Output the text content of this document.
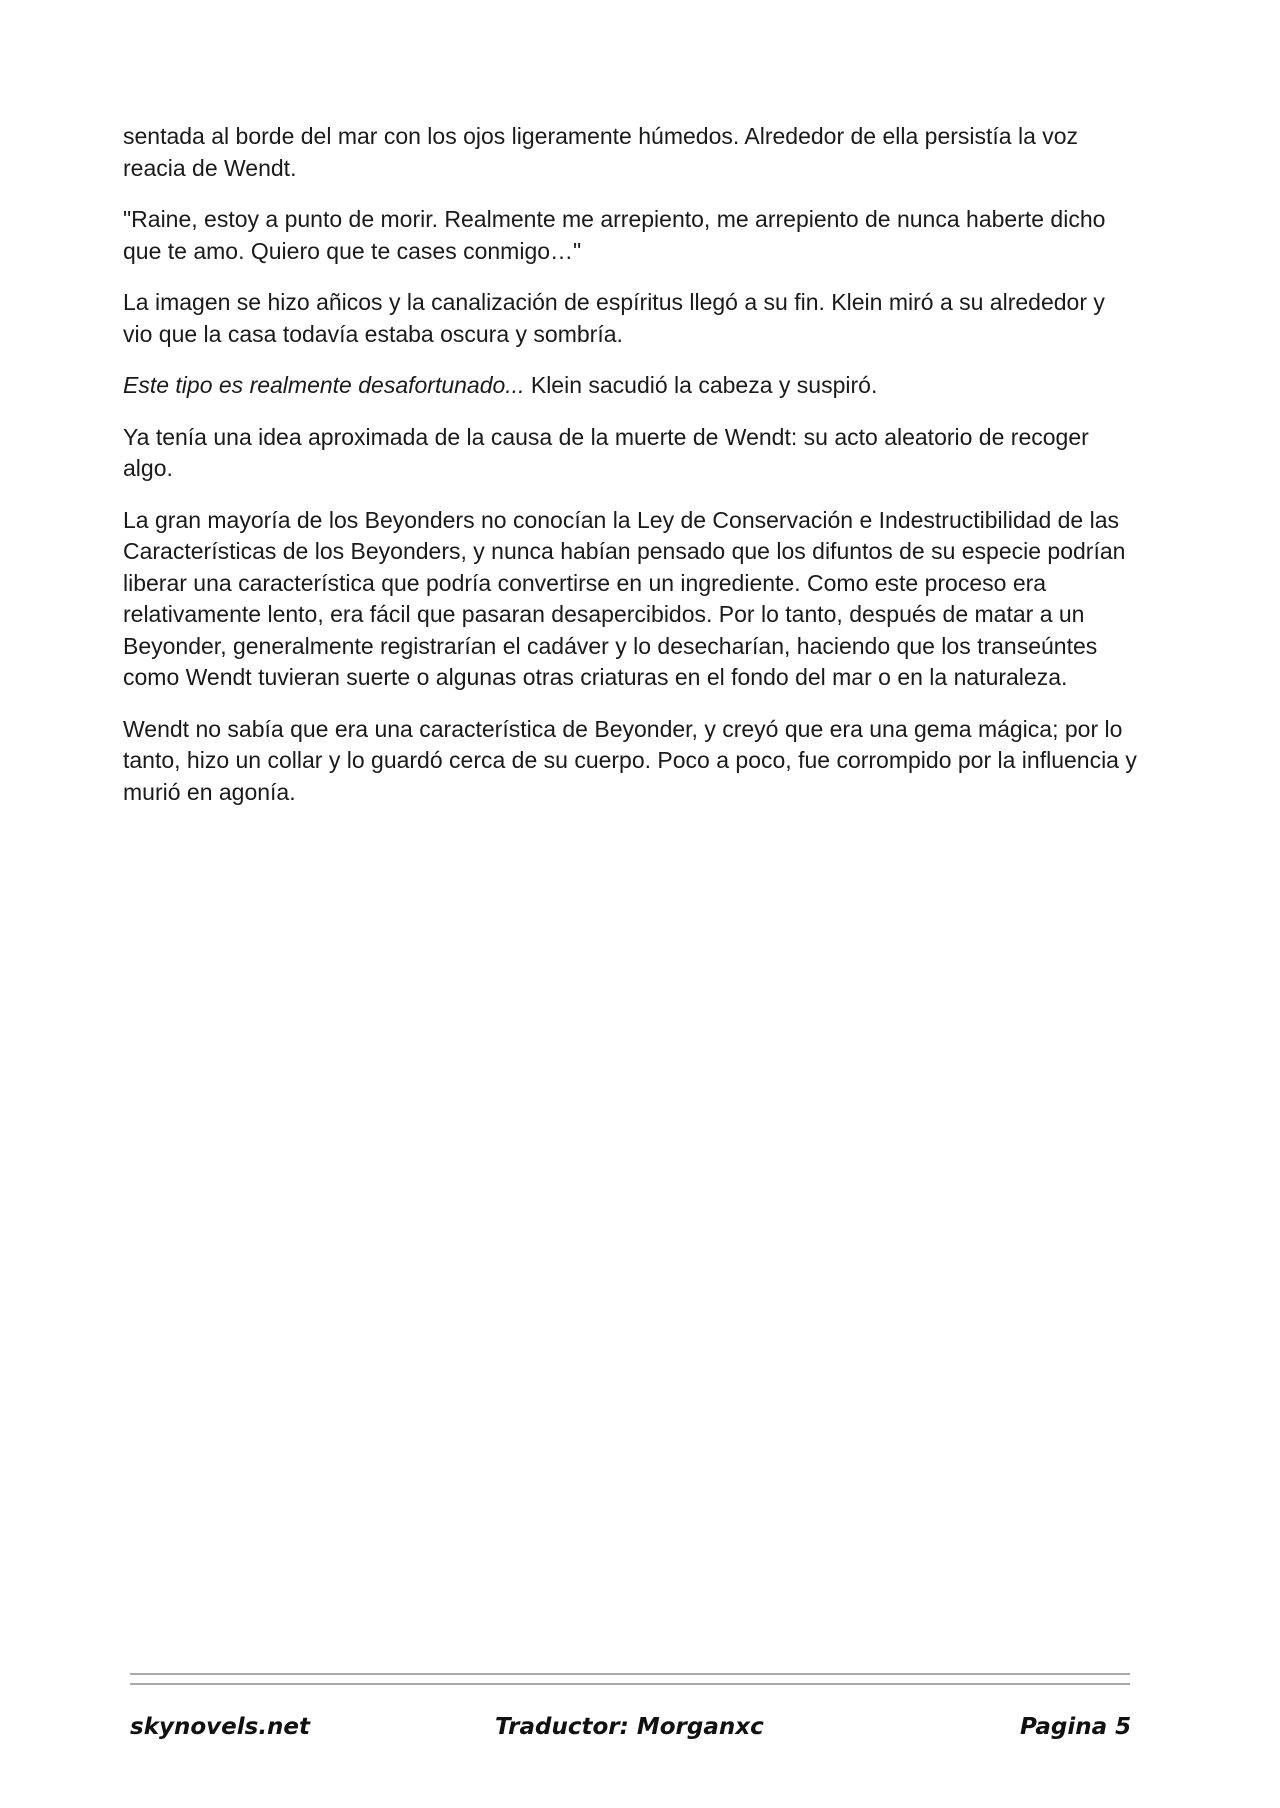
sentada al borde del mar con los ojos ligeramente húmedos. Alrededor de ella persistía la voz reacia de Wendt.

"Raine, estoy a punto de morir. Realmente me arrepiento, me arrepiento de nunca haberte dicho que te amo. Quiero que te cases conmigo…"

La imagen se hizo añicos y la canalización de espíritus llegó a su fin. Klein miró a su alrededor y vio que la casa todavía estaba oscura y sombría.

Este tipo es realmente desafortunado... Klein sacudió la cabeza y suspiró.

Ya tenía una idea aproximada de la causa de la muerte de Wendt: su acto aleatorio de recoger algo.

La gran mayoría de los Beyonders no conocían la Ley de Conservación e Indestructibilidad de las Características de los Beyonders, y nunca habían pensado que los difuntos de su especie podrían liberar una característica que podría convertirse en un ingrediente. Como este proceso era relativamente lento, era fácil que pasaran desapercibidos. Por lo tanto, después de matar a un Beyonder, generalmente registrarían el cadáver y lo desecharían, haciendo que los transeúntes como Wendt tuvieran suerte o algunas otras criaturas en el fondo del mar o en la naturaleza.

Wendt no sabía que era una característica de Beyonder, y creyó que era una gema mágica; por lo tanto, hizo un collar y lo guardó cerca de su cuerpo. Poco a poco, fue corrompido por la influencia y murió en agonía.

skynovels.net	Traductor: Morganxc	Pagina 5
